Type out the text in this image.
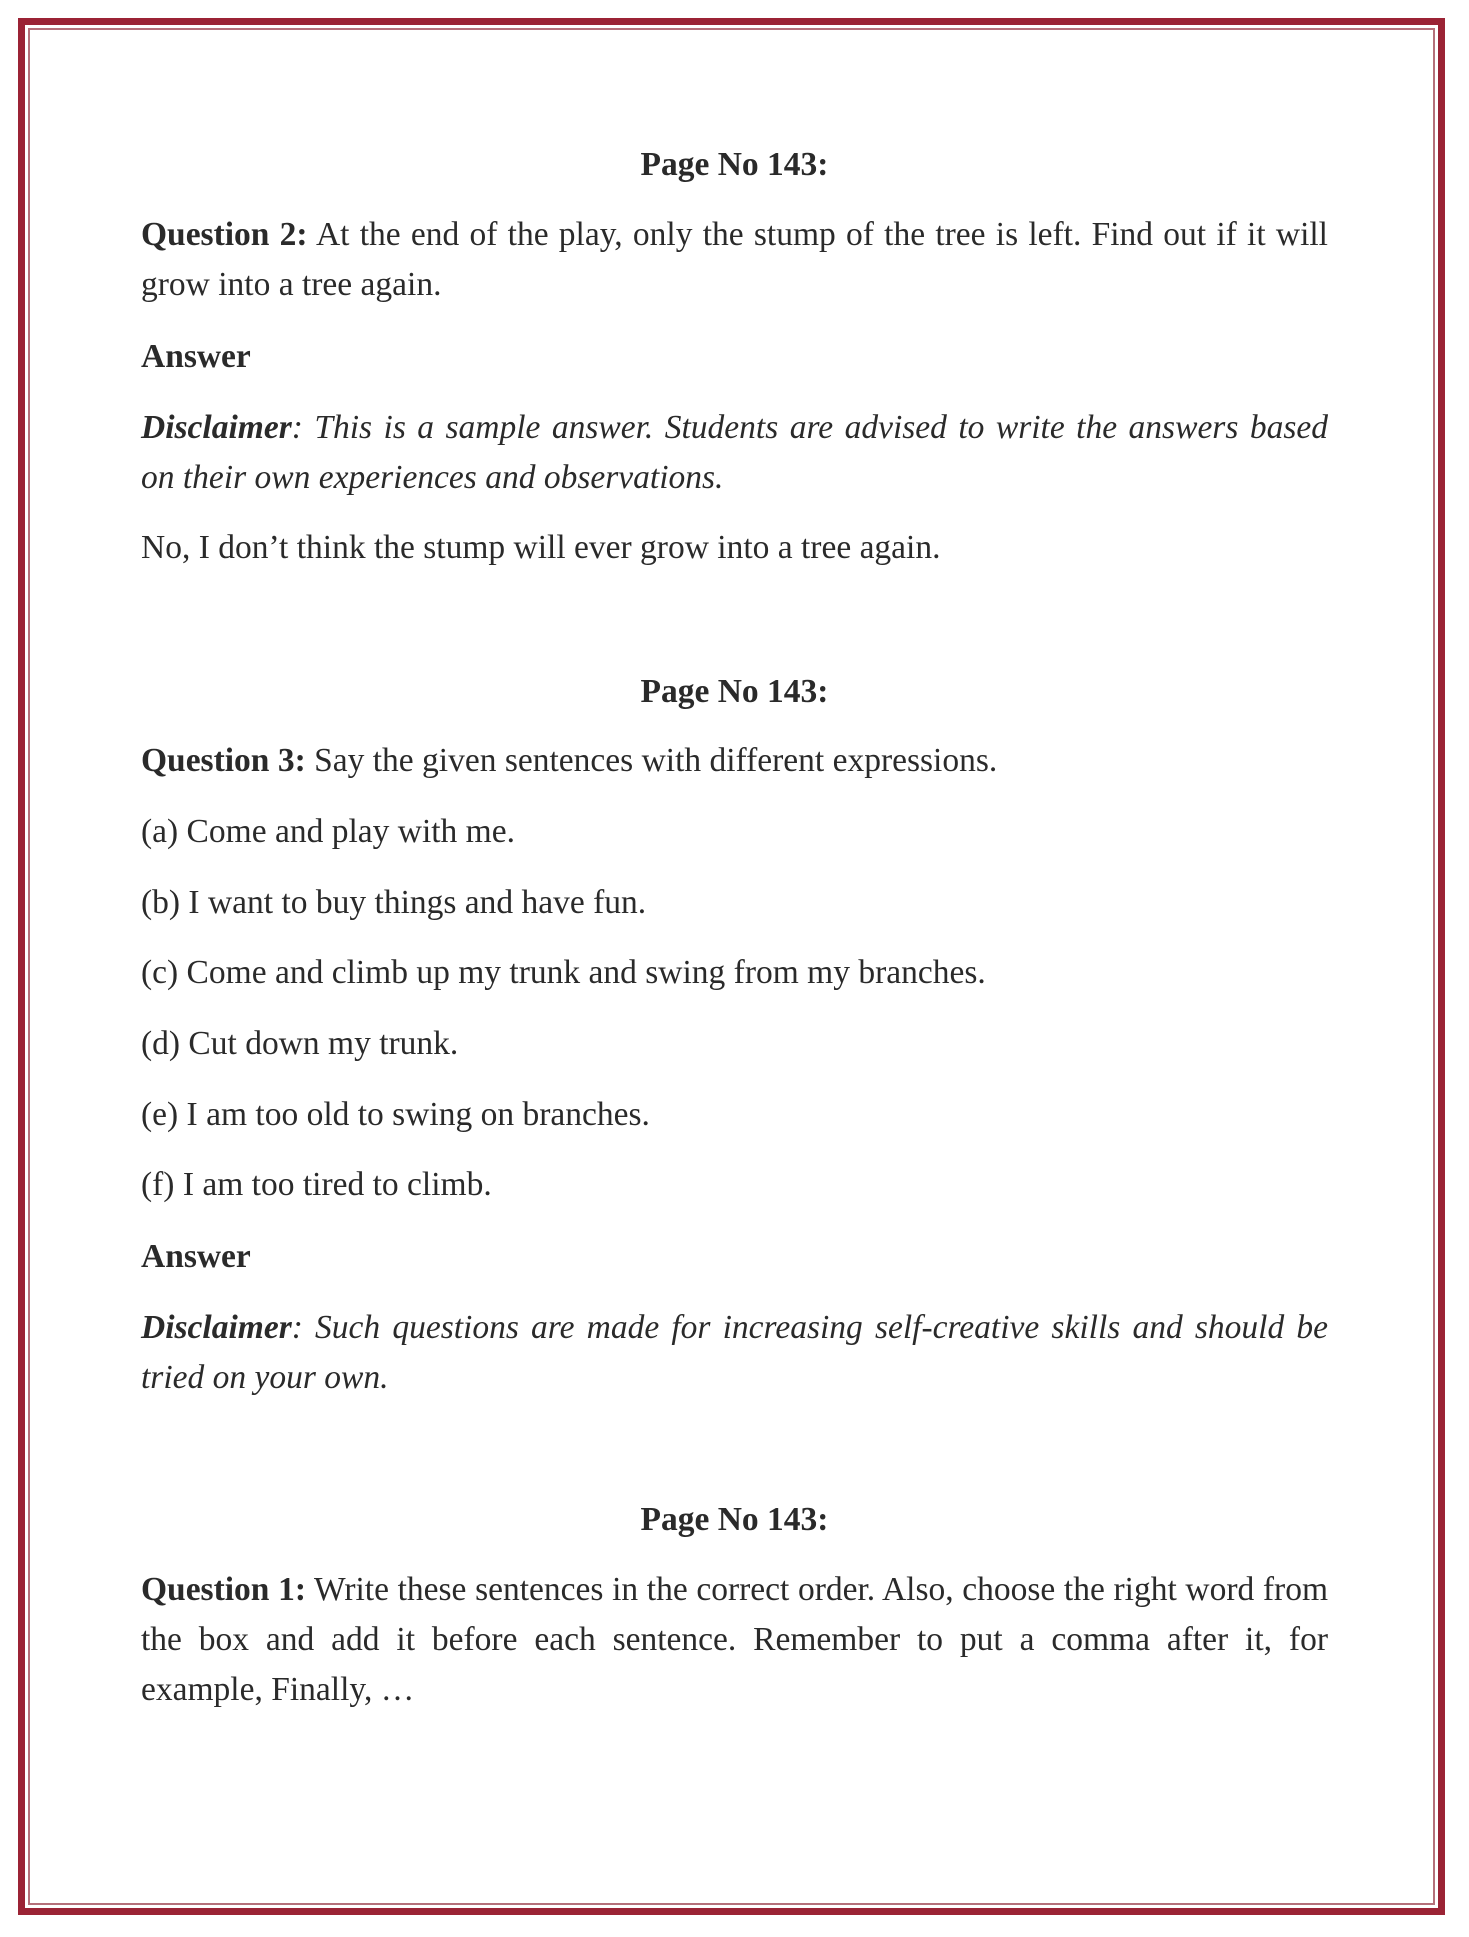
Page No 143:
Question 2: At the end of the play, only the stump of the tree is left. Find out if it will grow into a tree again.
Answer
Disclaimer: This is a sample answer. Students are advised to write the answers based on their own experiences and observations.
No, I don’t think the stump will ever grow into a tree again.
Page No 143:
Question 3: Say the given sentences with different expressions.
(a) Come and play with me.
(b) I want to buy things and have fun.
(c) Come and climb up my trunk and swing from my branches.
(d) Cut down my trunk.
(e) I am too old to swing on branches.
(f) I am too tired to climb.
Answer
Disclaimer: Such questions are made for increasing self-creative skills and should be tried on your own.
Page No 143:
Question 1: Write these sentences in the correct order. Also, choose the right word from the box and add it before each sentence. Remember to put a comma after it, for example, Finally, …
